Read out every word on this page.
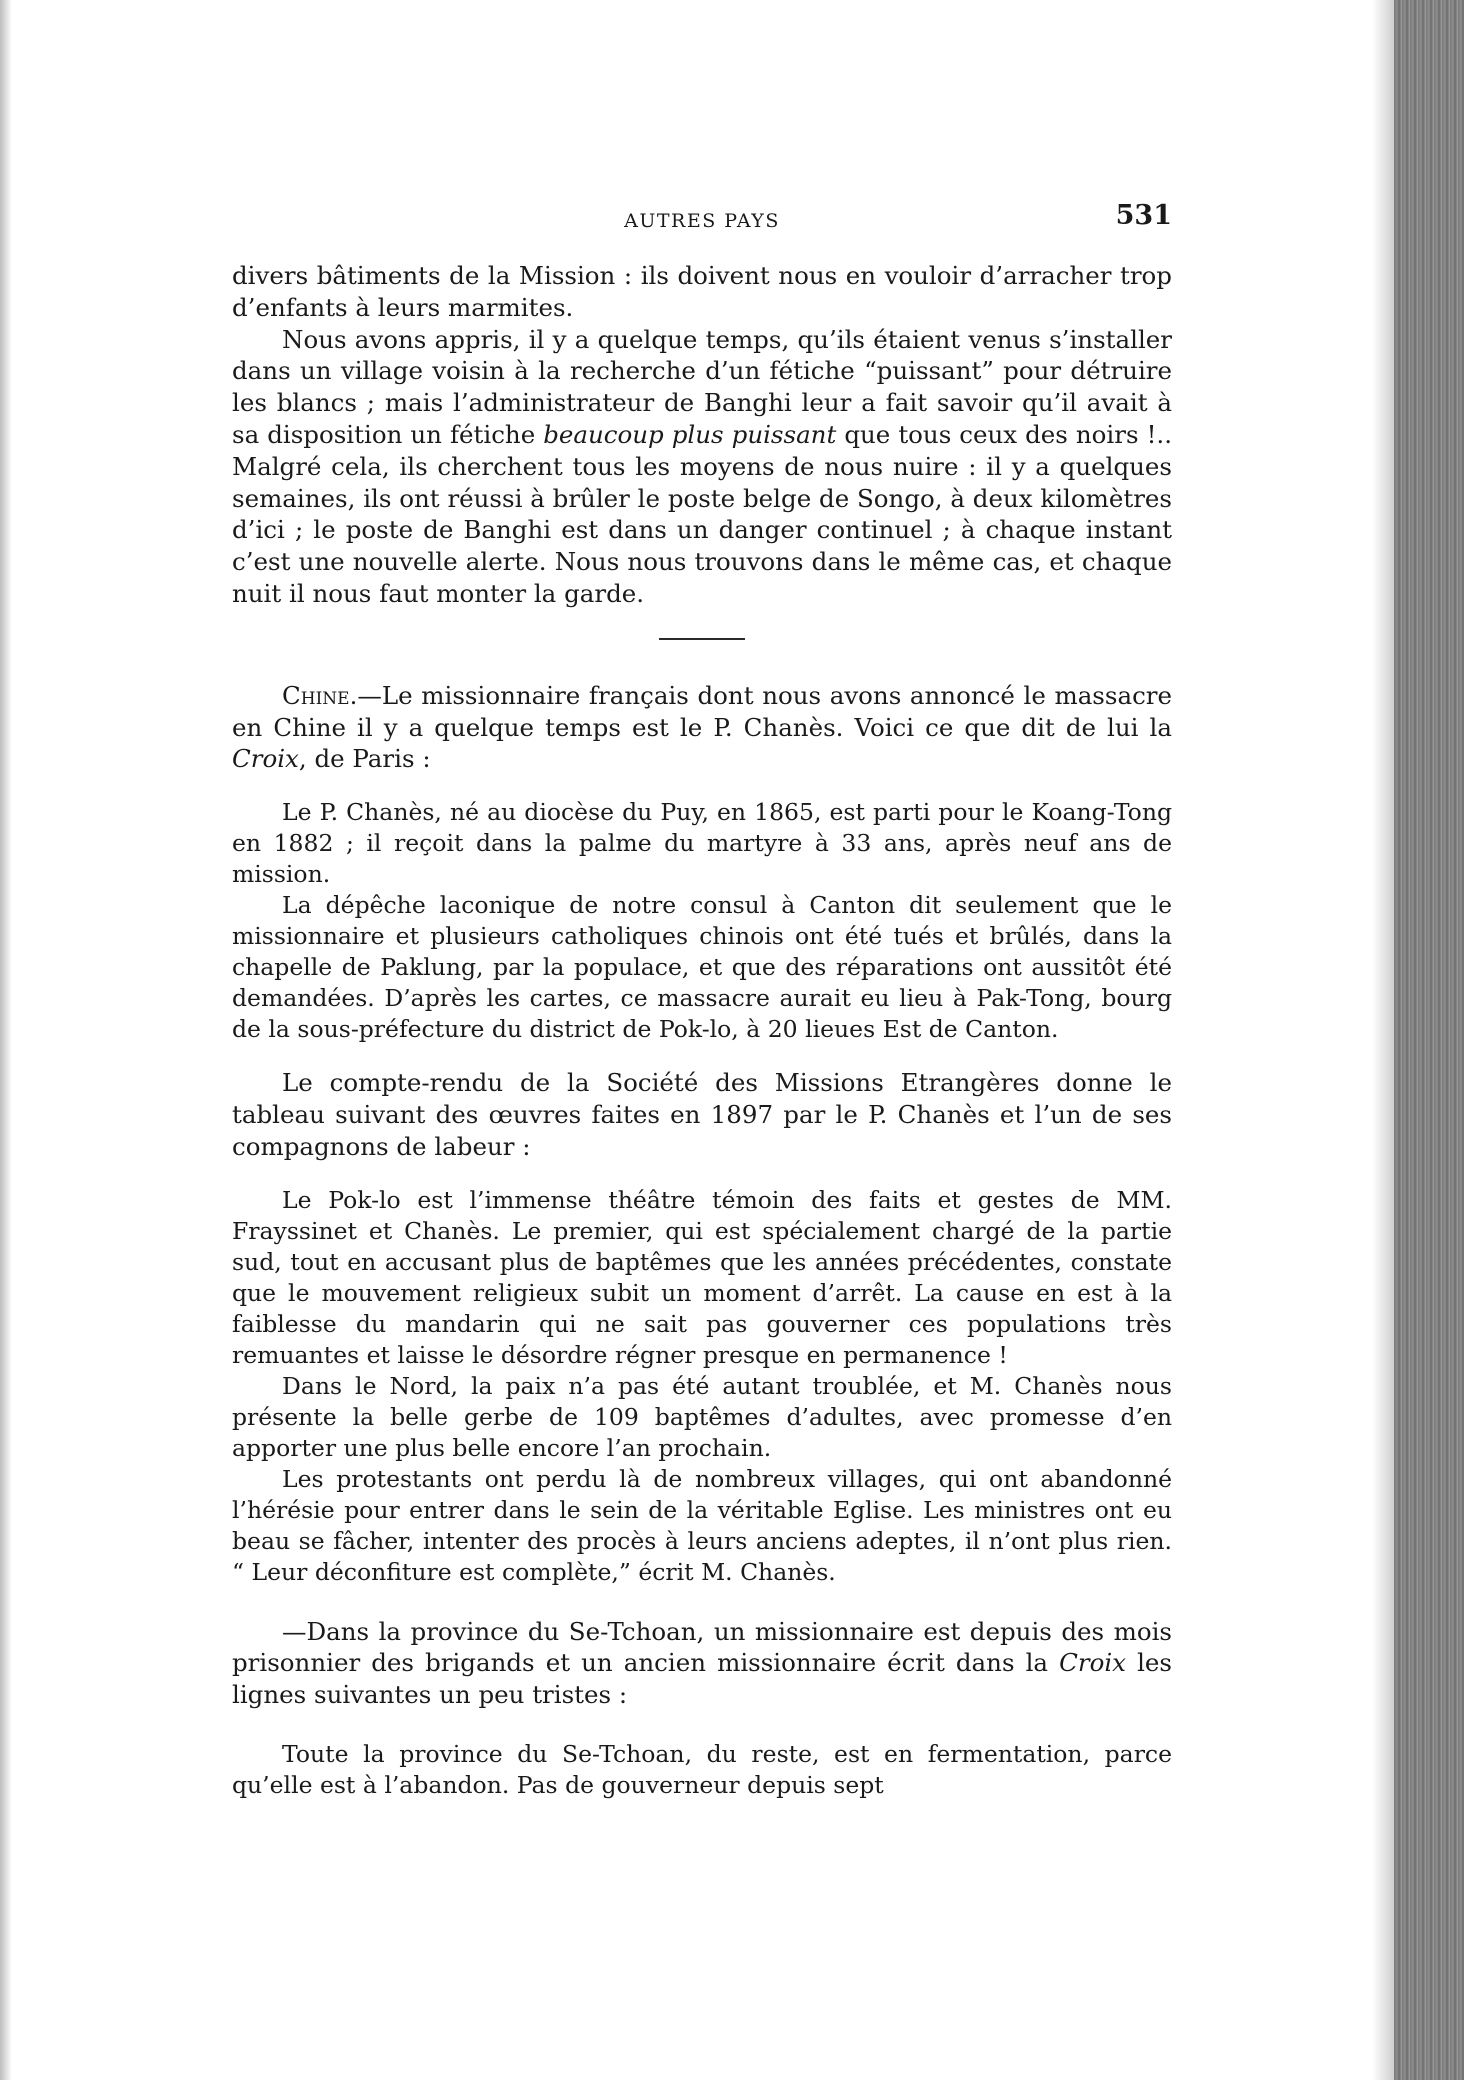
AUTRES PAYS	531

divers bâtiments de la Mission : ils doivent nous en vouloir d’arracher trop d’enfants à leurs marmites.

Nous avons appris, il y a quelque temps, qu’ils étaient venus s’installer dans un village voisin à la recherche d’un fétiche “puissant” pour détruire les blancs ; mais l’administrateur de Banghi leur a fait savoir qu’il avait à sa disposition un fétiche beaucoup plus puissant que tous ceux des noirs !.. Malgré cela, ils cherchent tous les moyens de nous nuire : il y a quelques semaines, ils ont réussi à brûler le poste belge de Songo, à deux kilomètres d’ici ; le poste de Banghi est dans un danger continuel ; à chaque instant c’est une nouvelle alerte. Nous nous trouvons dans le même cas, et chaque nuit il nous faut monter la garde.

Chine.—Le missionnaire français dont nous avons annoncé le massacre en Chine il y a quelque temps est le P. Chanès. Voici ce que dit de lui la Croix, de Paris :

Le P. Chanès, né au diocèse du Puy, en 1865, est parti pour le Koang-Tong en 1882 ; il reçoit dans la palme du martyre à 33 ans, après neuf ans de mission.

La dépêche laconique de notre consul à Canton dit seulement que le missionnaire et plusieurs catholiques chinois ont été tués et brûlés, dans la chapelle de Paklung, par la populace, et que des réparations ont aussitôt été demandées. D’après les cartes, ce massacre aurait eu lieu à Pak-Tong, bourg de la sous-préfecture du district de Pok-lo, à 20 lieues Est de Canton.

Le compte-rendu de la Société des Missions Etrangères donne le tableau suivant des œuvres faites en 1897 par le P. Chanès et l’un de ses compagnons de labeur :

Le Pok-lo est l’immense théâtre témoin des faits et gestes de MM. Frayssinet et Chanès. Le premier, qui est spécialement chargé de la partie sud, tout en accusant plus de baptêmes que les années précédentes, constate que le mouvement religieux subit un moment d’arrêt. La cause en est à la faiblesse du mandarin qui ne sait pas gouverner ces populations très remuantes et laisse le désordre régner presque en permanence !

Dans le Nord, la paix n’a pas été autant troublée, et M. Chanès nous présente la belle gerbe de 109 baptêmes d’adultes, avec promesse d’en apporter une plus belle encore l’an prochain.

Les protestants ont perdu là de nombreux villages, qui ont abandonné l’hérésie pour entrer dans le sein de la véritable Eglise. Les ministres ont eu beau se fâcher, intenter des procès à leurs anciens adeptes, il n’ont plus rien. “ Leur déconfiture est complète,” écrit M. Chanès.

—Dans la province du Se-Tchoan, un missionnaire est depuis des mois prisonnier des brigands et un ancien missionnaire écrit dans la Croix les lignes suivantes un peu tristes :

Toute la province du Se-Tchoan, du reste, est en fermentation, parce qu’elle est à l’abandon. Pas de gouverneur depuis sept
